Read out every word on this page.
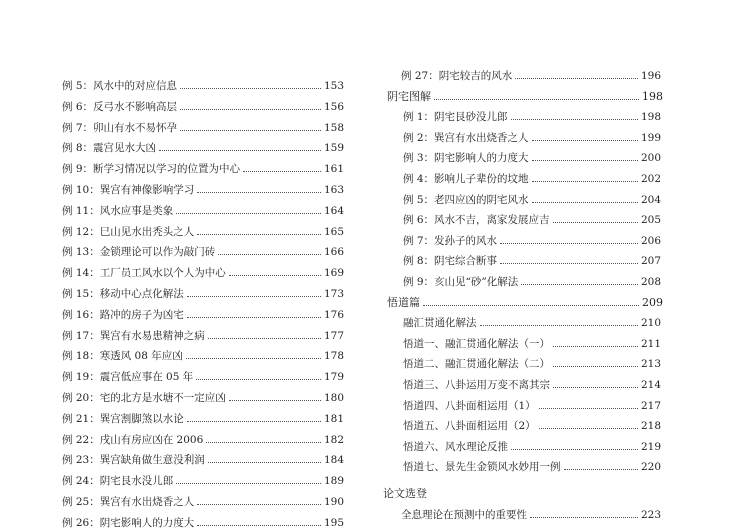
例 5：风水中的对应信息	153
例 6：反弓水不影响高层	156
例 7：卯山有水不易怀孕	158
例 8：震宫见水大凶	159
例 9：断学习情况以学习的位置为中心	161
例 10：巽宫有神像影响学习	163
例 11：风水应事是类象	164
例 12：巳山见水出秃头之人	165
例 13：金锁理论可以作为敲门砖	166
例 14：工厂员工风水以个人为中心	169
例 15：移动中心点化解法	173
例 16：路冲的房子为凶宅	176
例 17：巽宫有水易患精神之病	177
例 18：寒透风 08 年应凶	178
例 19：震宫低应事在 05 年	179
例 20：宅的北方是水塘不一定应凶	180
例 21：巽宫割脚煞以水论	181
例 22：戌山有房应凶在 2006	182
例 23：巽宫缺角做生意没利润	184
例 24：阴宅艮水没儿郎	189
例 25：巽宫有水出烧香之人	190
例 26：阴宅影响人的力度大	195
例 27：阴宅较吉的风水	196
阴宅图解	198
例 1：阴宅艮砂没儿郎	198
例 2：巽宫有水出烧香之人	199
例 3：阴宅影响人的力度大	200
例 4：影响儿子辈份的坟地	202
例 5：老四应凶的阴宅风水	204
例 6：风水不吉，离家发展应吉	205
例 7：发孙子的风水	206
例 8：阴宅综合断事	207
例 9：亥山见“砂”化解法	208
悟道篇	209
融汇贯通化解法	210
悟道一、融汇贯通化解法（一）	211
悟道二、融汇贯通化解法（二）	213
悟道三、八卦运用万变不离其宗	214
悟道四、八卦面相运用（1）	217
悟道五、八卦面相运用（2）	218
悟道六、风水理论反推	219
悟道七、景先生金锁风水妙用一例	220
论文选登
全息理论在预测中的重要性	223
